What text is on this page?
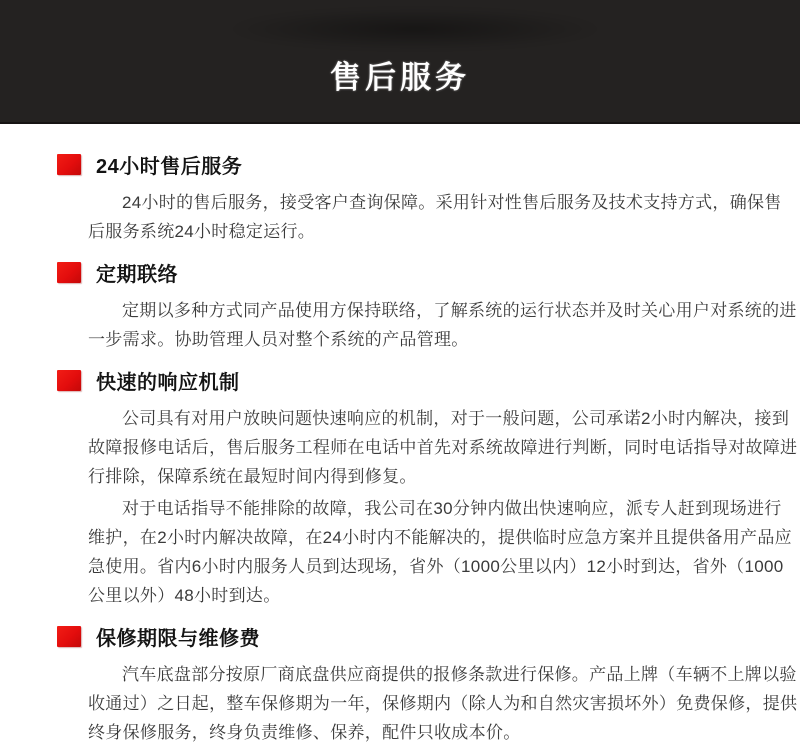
售后服务
24小时售后服务
24小时的售后服务，接受客户查询保障。采用针对性售后服务及技术支持方式，确保售
后服务系统24小时稳定运行。
定期联络
定期以多种方式同产品使用方保持联络，了解系统的运行状态并及时关心用户对系统的进
一步需求。协助管理人员对整个系统的产品管理。
快速的响应机制
公司具有对用户放映问题快速响应的机制，对于一般问题，公司承诺2小时内解决，接到
故障报修电话后，售后服务工程师在电话中首先对系统故障进行判断，同时电话指导对故障进
行排除，保障系统在最短时间内得到修复。
对于电话指导不能排除的故障，我公司在30分钟内做出快速响应，派专人赶到现场进行
维护，在2小时内解决故障，在24小时内不能解决的，提供临时应急方案并且提供备用产品应
急使用。省内6小时内服务人员到达现场，省外（1000公里以内）12小时到达，省外（1000
公里以外）48小时到达。
保修期限与维修费
汽车底盘部分按原厂商底盘供应商提供的报修条款进行保修。产品上牌（车辆不上牌以验
收通过）之日起，整车保修期为一年，保修期内（除人为和自然灾害损坏外）免费保修，提供
终身保修服务，终身负责维修、保养，配件只收成本价。
